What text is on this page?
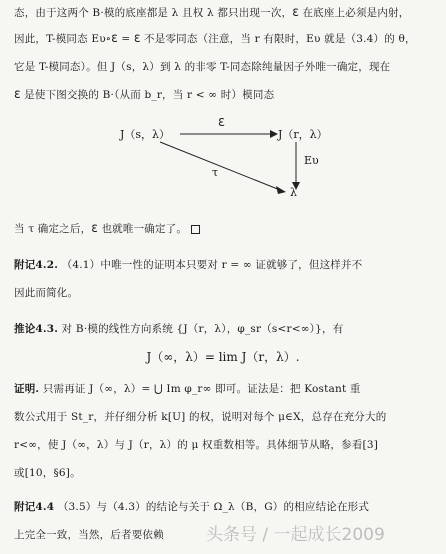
态，由于这两个 B·模的底座都是 λ 且权 λ 都只出现一次，ℇ 在底座上必须是内射，
因此，T-模同态 Eυ∘ℇ = ℇ 不是零同态（注意，当 r 有限时，Eυ 就是（3.4）的 θ，
它是 T-模同态）。但 J（s，λ）到 λ 的非零 T-同态除纯量因子外唯一确定，现在
ℇ 是使下图交换的 B·（从而 b_r，当 r < ∞ 时）模同态
J（s，λ）	J（r，λ）
ℇ
Eυ
τ
λ
当 τ 确定之后，ℇ 也就唯一确定了。
附记4.2. （4.1）中唯一性的证明本只要对 r = ∞ 证就够了，但这样并不
因此而简化。
推论4.3. 对 B·模的线性方向系统 {J（r，λ），φ_sr（s<r<∞）}，有
J（∞，λ）= lim J（r，λ）.
证明. 只需再证 J（∞，λ）= ⋃ Im φ_r∞ 即可。证法是：把 Kostant 重
数公式用于 St_r，并仔细分析 k[U] 的权，说明对每个 μ∈X，总存在充分大的
r<∞，使 J（∞，λ）与 J（r，λ）的 μ 权重数相等。具体细节从略，参看[3]
或[10，§6]。
附记4.4 （3.5）与（4.3）的结论与关于 Ω_λ（B，G）的相应结论在形式
上完全一致，当然，后者要依赖	头条号 / 一起成长2009
